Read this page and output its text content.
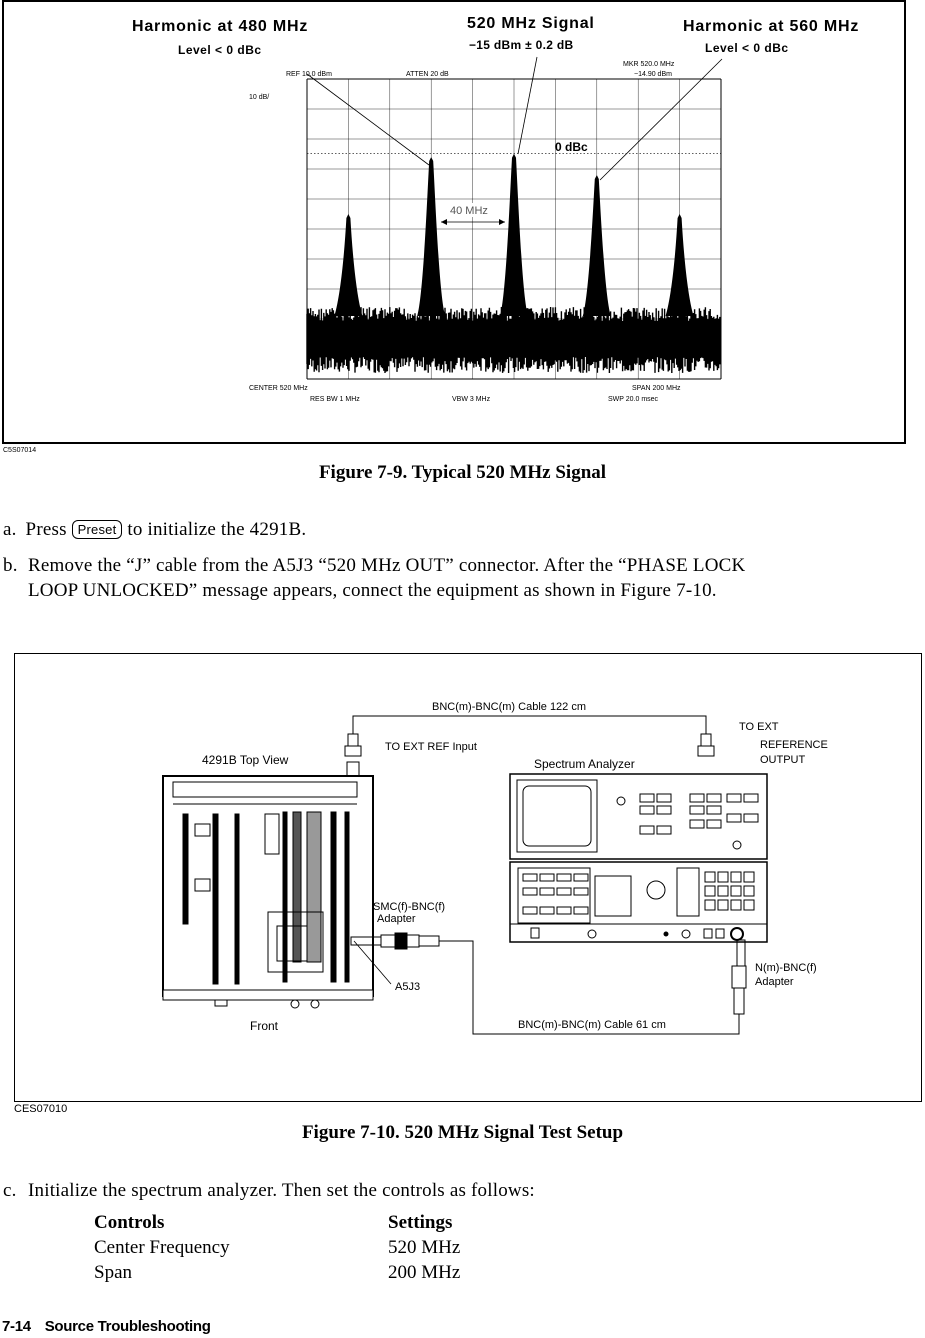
Harmonic at 480 MHz
Level < 0 dBc
520 MHz Signal
−15 dBm ± 0.2 dB
Harmonic at 560 MHz
Level < 0 dBc
REF 10.0 dBm	ATTEN 20 dB
MKR 520.0 MHz
−14.90 dBm
10 dB/
CENTER 520 MHz	SPAN 200 MHz
RES BW 1 MHz	VBW 3 MHz	SWP 20.0 msec
0 dBc
40 MHz
C5S07014
Figure 7-9. Typical 520 MHz Signal
a. Press Preset to initialize the 4291B.
b. Remove the “J” cable from the A5J3 “520 MHz OUT” connector. After the “PHASE LOCK
LOOP UNLOCKED” message appears, connect the equipment as shown in Figure 7-10.
BNC(m)-BNC(m) Cable 122 cm
TO EXT
REFERENCE
OUTPUT
TO EXT REF Input
4291B Top View	Spectrum Analyzer
SMC(f)-BNC(f)
Adapter
A5J3
Front
N(m)-BNC(f)
Adapter
BNC(m)-BNC(m) Cable 61 cm
CES07010
Figure 7-10. 520 MHz Signal Test Setup
c. Initialize the spectrum analyzer. Then set the controls as follows:
Controls	Settings
Center Frequency	520 MHz
Span	200 MHz
7-14 Source Troubleshooting
